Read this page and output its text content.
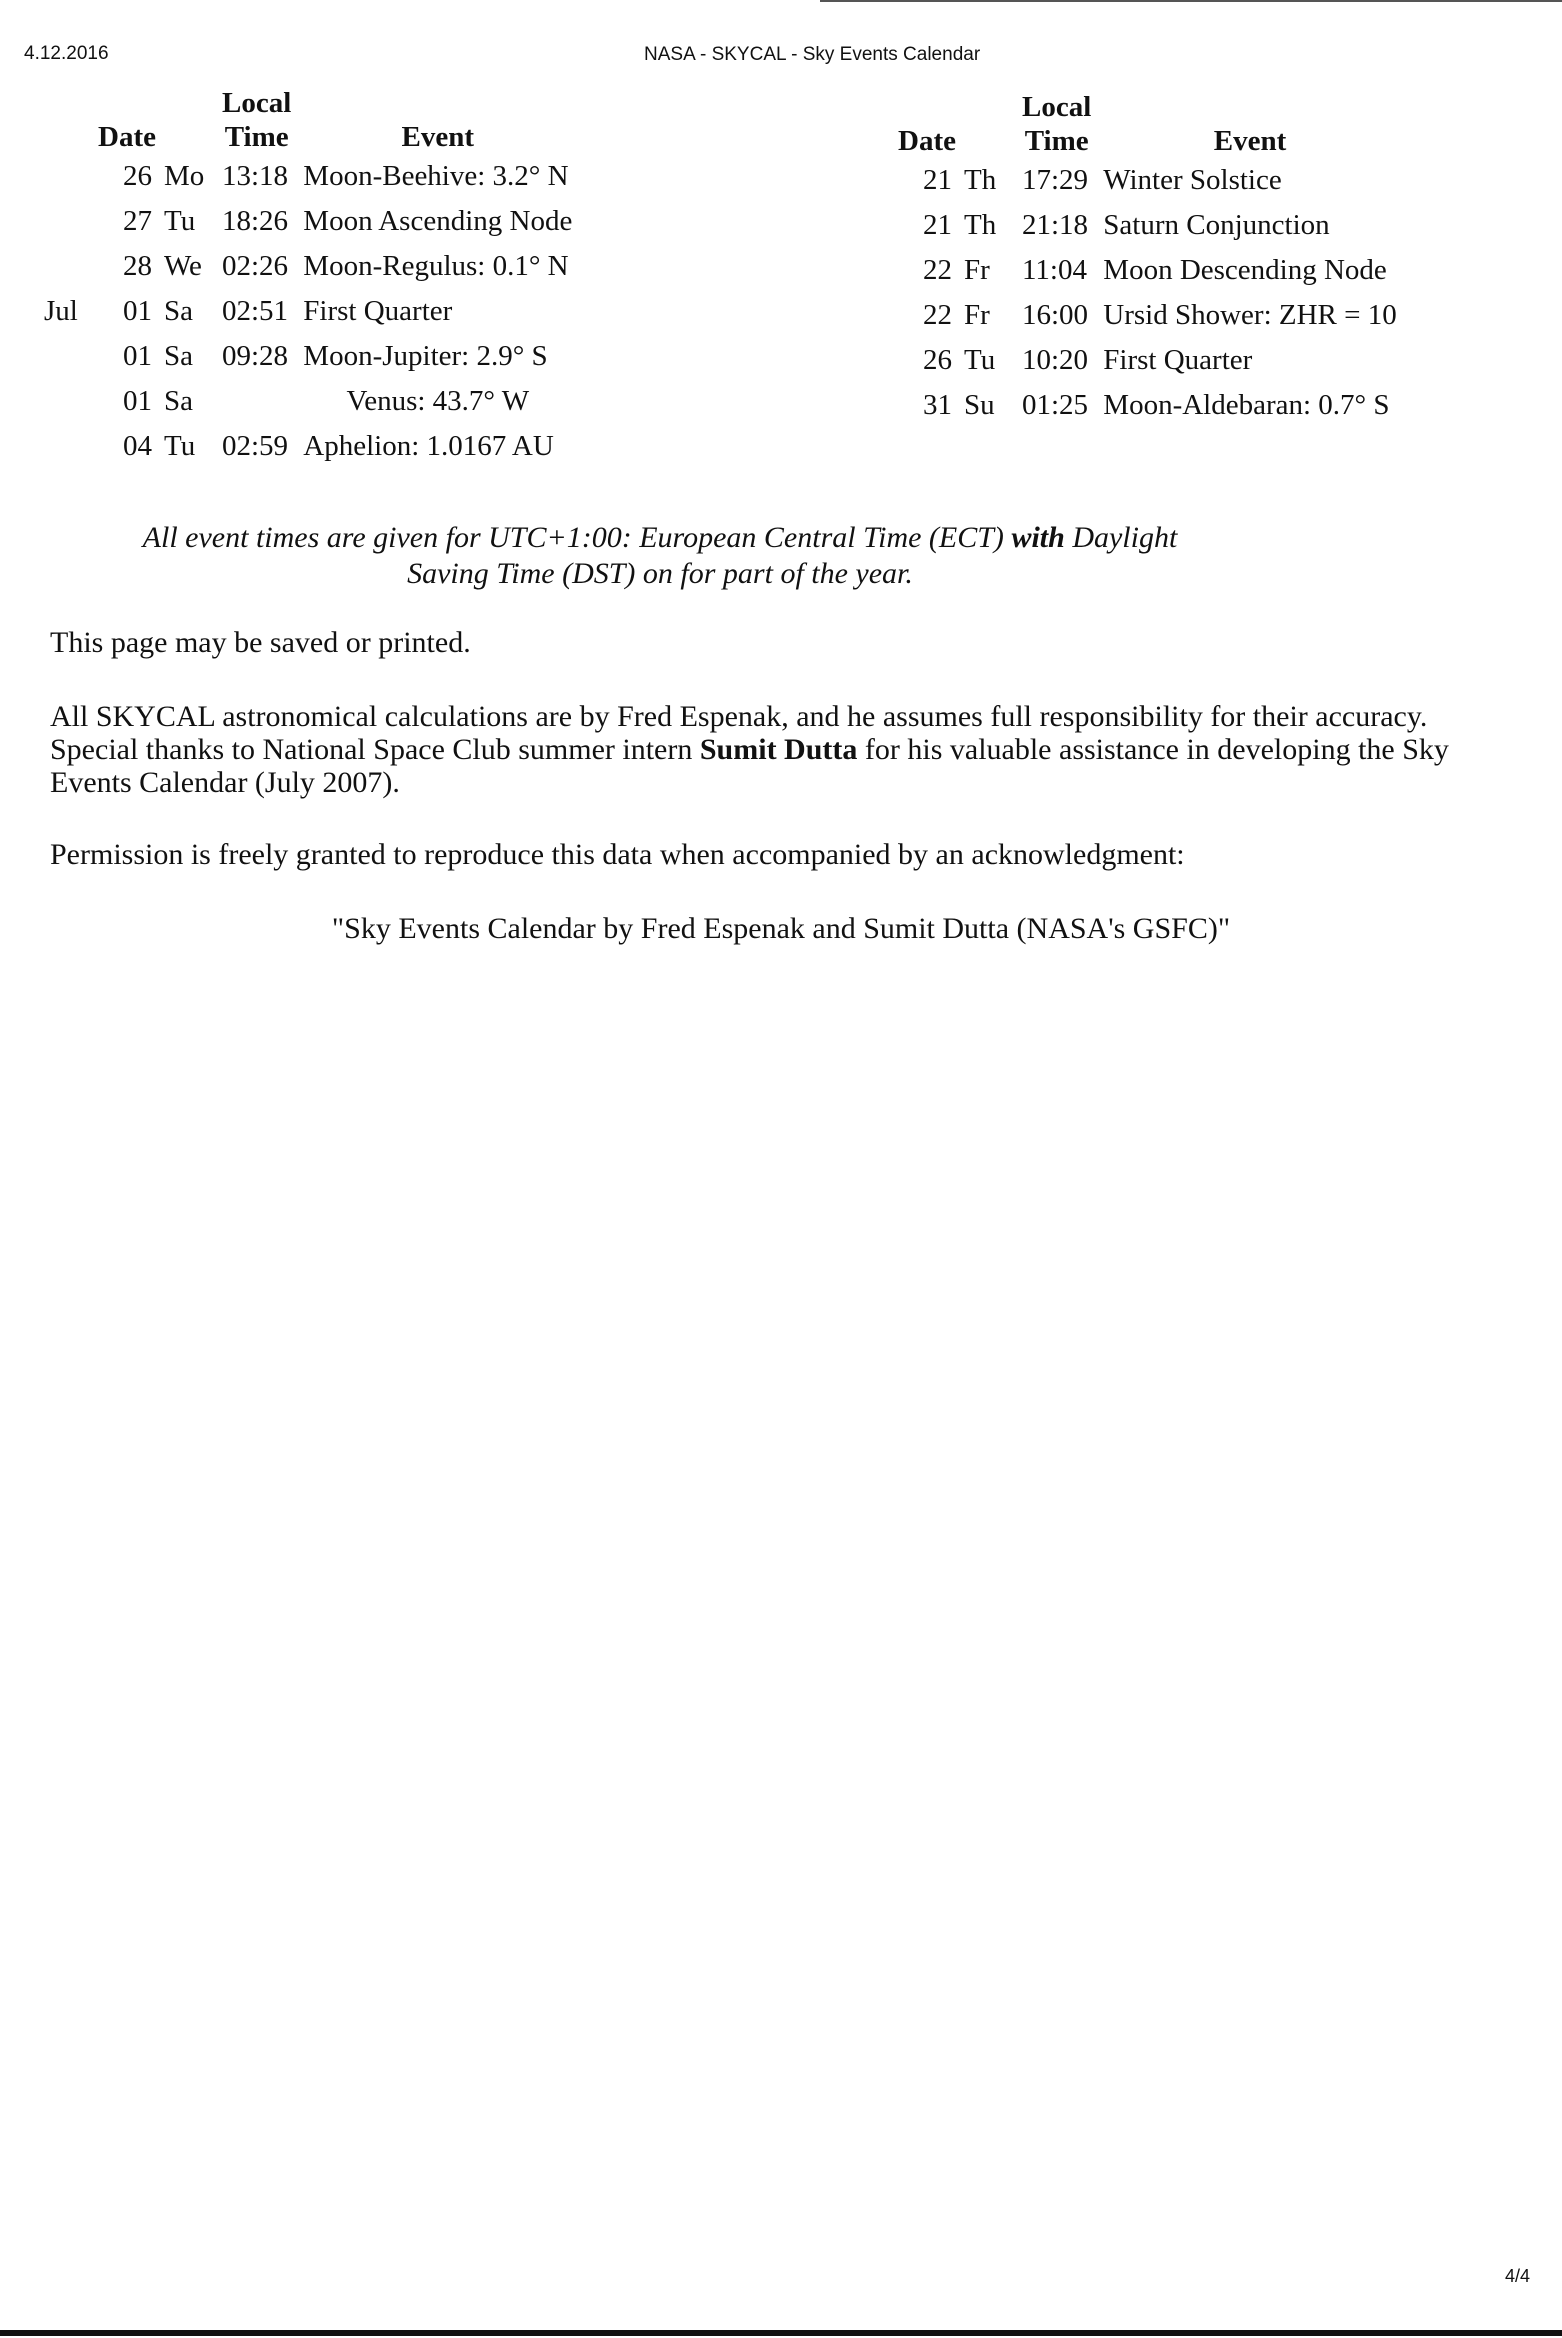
4.12.2016	NASA - SKYCAL - Sky Events Calendar
Date			Local
Time	Event
	26	Mo	13:18	Moon-Beehive: 3.2° N
	27	Tu	18:26	Moon Ascending Node
	28	We	02:26	Moon-Regulus: 0.1° N
Jul	01	Sa	02:51	First Quarter
	01	Sa	09:28	Moon-Jupiter: 2.9° S
	01	Sa		Venus: 43.7° W
	04	Tu	02:59	Aphelion: 1.0167 AU
Date			Local
Time	Event
	21	Th	17:29	Winter Solstice
	21	Th	21:18	Saturn Conjunction
	22	Fr	11:04	Moon Descending Node
	22	Fr	16:00	Ursid Shower: ZHR = 10
	26	Tu	10:20	First Quarter
	31	Su	01:25	Moon-Aldebaran: 0.7° S
All event times are given for UTC+1:00: European Central Time (ECT) with Daylight
Saving Time (DST) on for part of the year.
This page may be saved or printed.
All SKYCAL astronomical calculations are by Fred Espenak, and he assumes full responsibility for their accuracy. Special thanks to National Space Club summer intern Sumit Dutta for his valuable assistance in developing the Sky Events Calendar (July 2007).
Permission is freely granted to reproduce this data when accompanied by an acknowledgment:
"Sky Events Calendar by Fred Espenak and Sumit Dutta (NASA's GSFC)"
4/4
